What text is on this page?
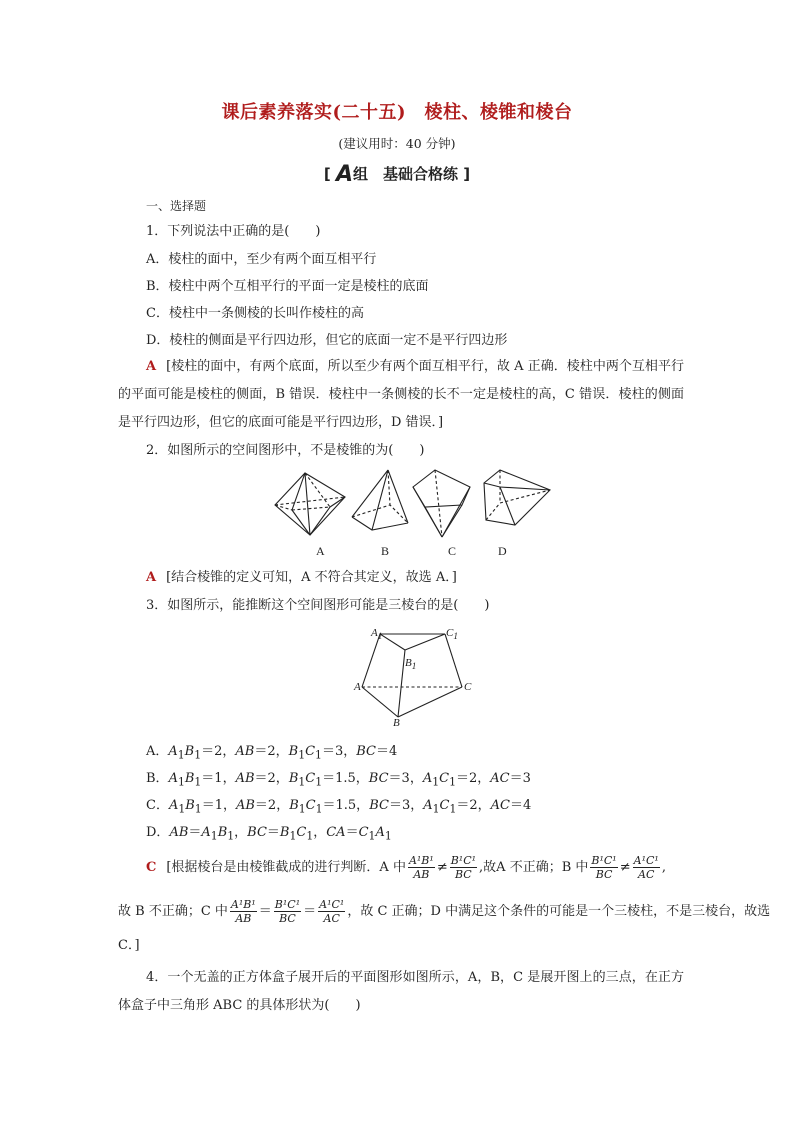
课后素养落实(二十五)　棱柱、棱锥和棱台
(建议用时：40 分钟)
[ A组　基础合格练 ]
一、选择题
1．下列说法中正确的是(　　)
A．棱柱的面中，至少有两个面互相平行
B．棱柱中两个互相平行的平面一定是棱柱的底面
C．棱柱中一条侧棱的长叫作棱柱的高
D．棱柱的侧面是平行四边形，但它的底面一定不是平行四边形
A [棱柱的面中，有两个底面，所以至少有两个面互相平行，故 A 正确．棱柱中两个互相平行的平面可能是棱柱的侧面，B 错误．棱柱中一条侧棱的长不一定是棱柱的高，C 错误．棱柱的侧面是平行四边形，但它的底面可能是平行四边形，D 错误．]
2．如图所示的空间图形中，不是棱锥的为(　　)
A	B	C	D
A [结合棱锥的定义可知，A 不符合其定义，故选 A．]
3．如图所示，能推断这个空间图形可能是三棱台的是(　　)
$A_1$	$C_1$
$B_1$
A	C
B
A．$A_1B_1=2$，AB＝2，$B_1C_1=3$，BC＝4
B．$A_1B_1=1$，AB＝2，$B_1C_1=1.5$，BC＝3，$A_1C_1=2$，AC＝3
C．$A_1B_1=1$，AB＝2，$B_1C_1=1.5$，BC＝3，$A_1C_1=2$，AC＝4
D．$AB=A_1B_1$，$BC=B_1C_1$，$CA=C_1A_1$
C [根据棱台是由棱锥截成的进行判断．A 中 $\frac{\text{A¹B¹}}{AB} \ne \frac{\text{B¹C¹}}{BC}$ ,故A 不正确；B 中 $\frac{\text{B¹C¹}}{BC} \ne \frac{\text{A¹C¹}}{AC}$ ,
故 B 不正确；C 中 $\frac{\text{A¹B¹}}{AB} = \frac{\text{B¹C¹}}{BC} = \frac{\text{A¹C¹}}{AC}$ ，故 C 正确；D 中满足这个条件的可能是一个三棱柱，不是三棱台，故选 C．]
4．一个无盖的正方体盒子展开后的平面图形如图所示，A，B，C 是展开图上的三点，在正方体盒子中三角形 ABC 的具体形状为(　　)
